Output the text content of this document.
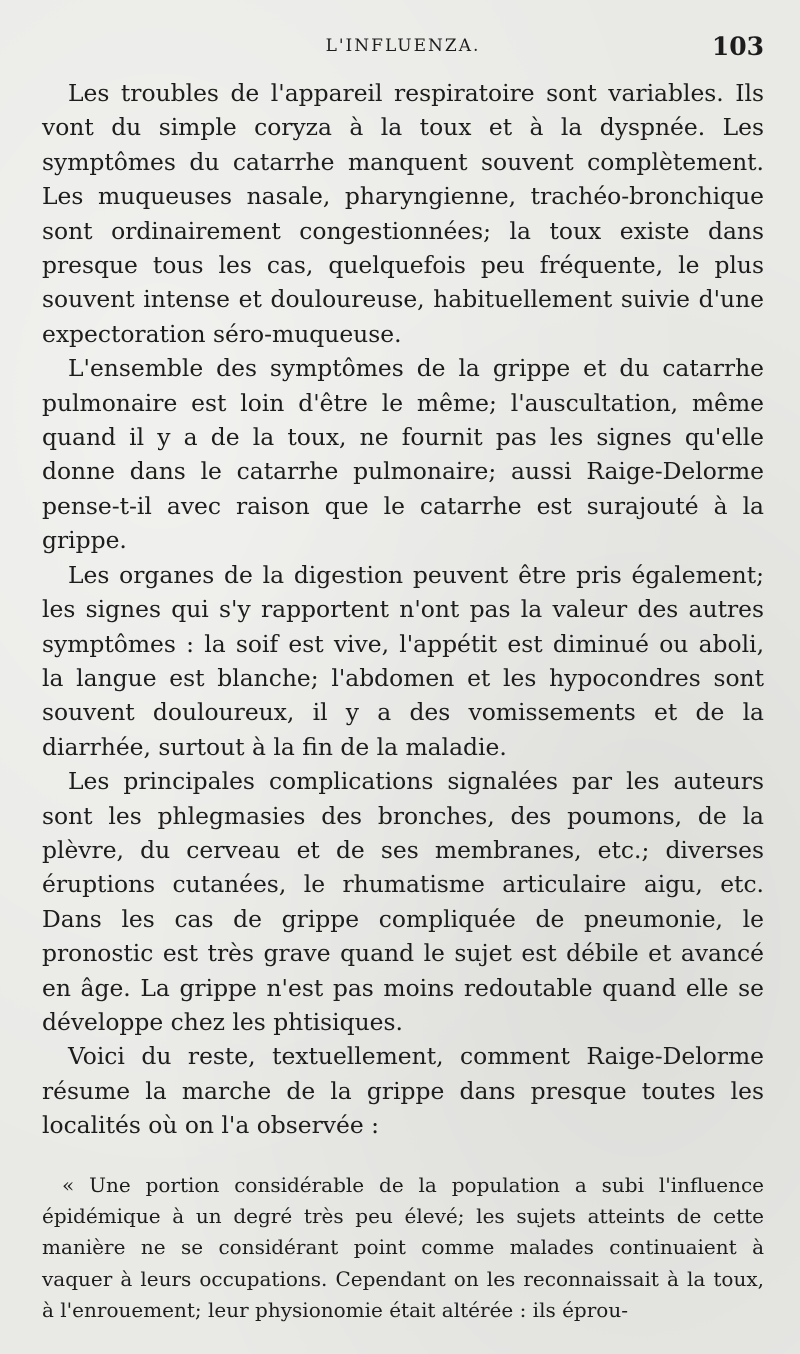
L'INFLUENZA.	103

Les troubles de l'appareil respiratoire sont variables. Ils vont du simple coryza à la toux et à la dyspnée. Les symptômes du catarrhe manquent souvent complètement. Les muqueuses nasale, pharyngienne, trachéo-bronchique sont ordinairement congestionnées; la toux existe dans presque tous les cas, quelquefois peu fréquente, le plus souvent intense et douloureuse, habituellement suivie d'une expectoration séro-muqueuse.

L'ensemble des symptômes de la grippe et du catarrhe pulmonaire est loin d'être le même; l'auscultation, même quand il y a de la toux, ne fournit pas les signes qu'elle donne dans le catarrhe pulmonaire; aussi Raige-Delorme pense-t-il avec raison que le catarrhe est surajouté à la grippe.

Les organes de la digestion peuvent être pris également; les signes qui s'y rapportent n'ont pas la valeur des autres symptômes : la soif est vive, l'appétit est diminué ou aboli, la langue est blanche; l'abdomen et les hypocondres sont souvent douloureux, il y a des vomissements et de la diarrhée, surtout à la fin de la maladie.

Les principales complications signalées par les auteurs sont les phlegmasies des bronches, des poumons, de la plèvre, du cerveau et de ses membranes, etc.; diverses éruptions cutanées, le rhumatisme articulaire aigu, etc. Dans les cas de grippe compliquée de pneumonie, le pronostic est très grave quand le sujet est débile et avancé en âge. La grippe n'est pas moins redoutable quand elle se développe chez les phtisiques.

Voici du reste, textuellement, comment Raige-Delorme résume la marche de la grippe dans presque toutes les localités où on l'a observée :

« Une portion considérable de la population a subi l'influence épidémique à un degré très peu élevé; les sujets atteints de cette manière ne se considérant point comme malades continuaient à vaquer à leurs occupations. Cependant on les reconnaissait à la toux, à l'enrouement; leur physionomie était altérée : ils éprou-
